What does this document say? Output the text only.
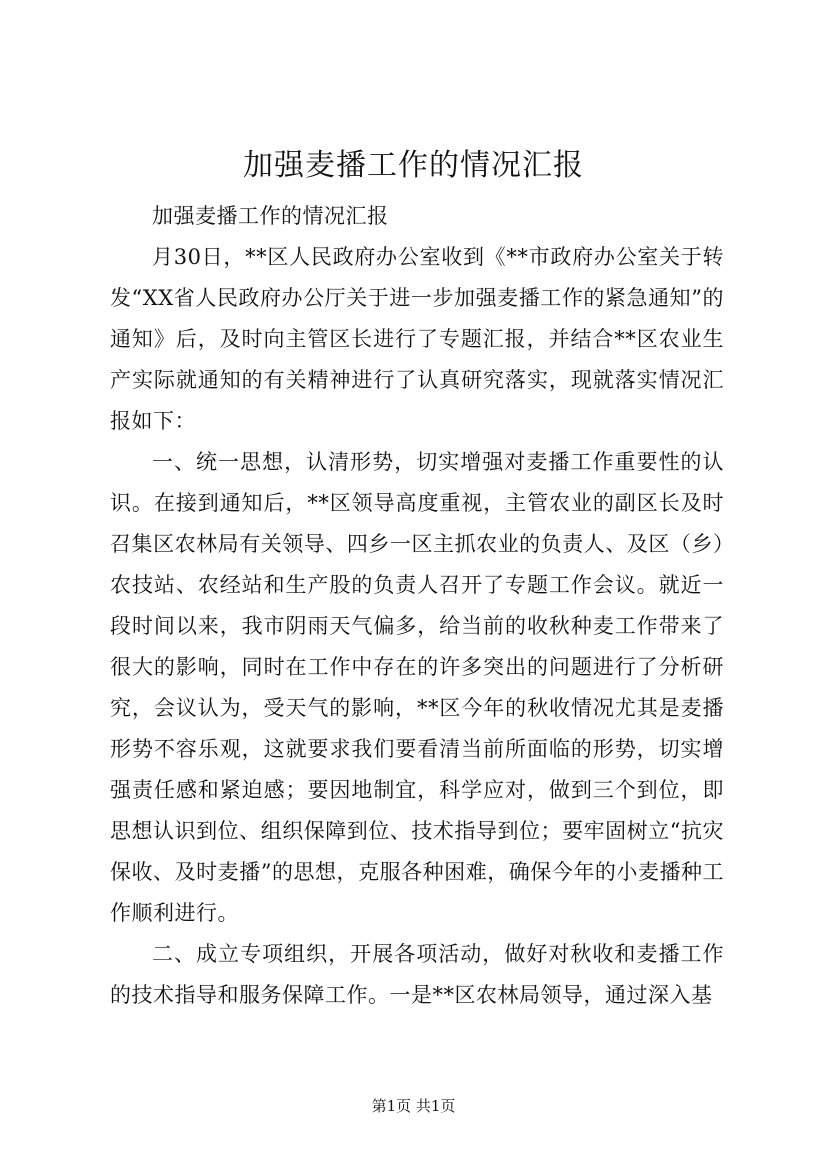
加强麦播工作的情况汇报

加强麦播工作的情况汇报

月30日，**区人民政府办公室收到《**市政府办公室关于转发“XX省人民政府办公厅关于进一步加强麦播工作的紧急通知”的通知》后，及时向主管区长进行了专题汇报，并结合**区农业生产实际就通知的有关精神进行了认真研究落实，现就落实情况汇报如下：

一、统一思想，认清形势，切实增强对麦播工作重要性的认识。在接到通知后，**区领导高度重视，主管农业的副区长及时召集区农林局有关领导、四乡一区主抓农业的负责人、及区（乡）农技站、农经站和生产股的负责人召开了专题工作会议。就近一段时间以来，我市阴雨天气偏多，给当前的收秋种麦工作带来了很大的影响，同时在工作中存在的许多突出的问题进行了分析研究，会议认为，受天气的影响，**区今年的秋收情况尤其是麦播形势不容乐观，这就要求我们要看清当前所面临的形势，切实增强责任感和紧迫感；要因地制宜，科学应对，做到三个到位，即思想认识到位、组织保障到位、技术指导到位；要牢固树立“抗灾保收、及时麦播”的思想，克服各种困难，确保今年的小麦播种工作顺利进行。

二、成立专项组织，开展各项活动，做好对秋收和麦播工作的技术指导和服务保障工作。一是**区农林局领导，通过深入基

第1页 共1页
